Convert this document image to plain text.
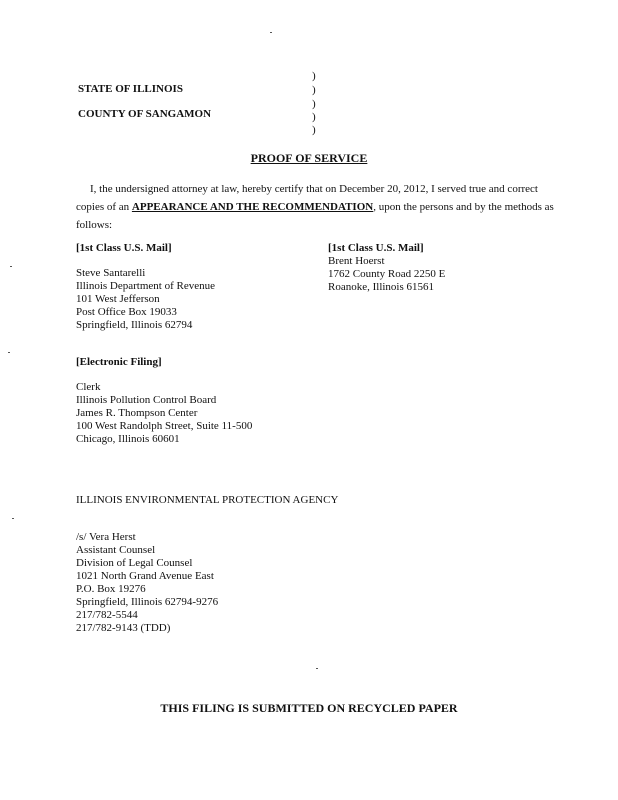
STATE OF ILLINOIS
COUNTY OF SANGAMON
)
)
)
)
)
PROOF OF SERVICE
I, the undersigned attorney at law, hereby certify that on December 20, 2012, I served true and correct copies of an APPEARANCE AND THE RECOMMENDATION, upon the persons and by the methods as follows:
[1st Class U.S. Mail]
Steve Santarelli
Illinois Department of Revenue
101 West Jefferson
Post Office Box 19033
Springfield, Illinois 62794
[1st Class U.S. Mail]
Brent Hoerst
1762 County Road 2250 E
Roanoke, Illinois 61561
[Electronic Filing]
Clerk
Illinois Pollution Control Board
James R. Thompson Center
100 West Randolph Street, Suite 11-500
Chicago, Illinois 60601
ILLINOIS ENVIRONMENTAL PROTECTION AGENCY
/s/ Vera Herst
Assistant Counsel
Division of Legal Counsel
1021 North Grand Avenue East
P.O. Box 19276
Springfield, Illinois 62794-9276
217/782-5544
217/782-9143 (TDD)
THIS FILING IS SUBMITTED ON RECYCLED PAPER
